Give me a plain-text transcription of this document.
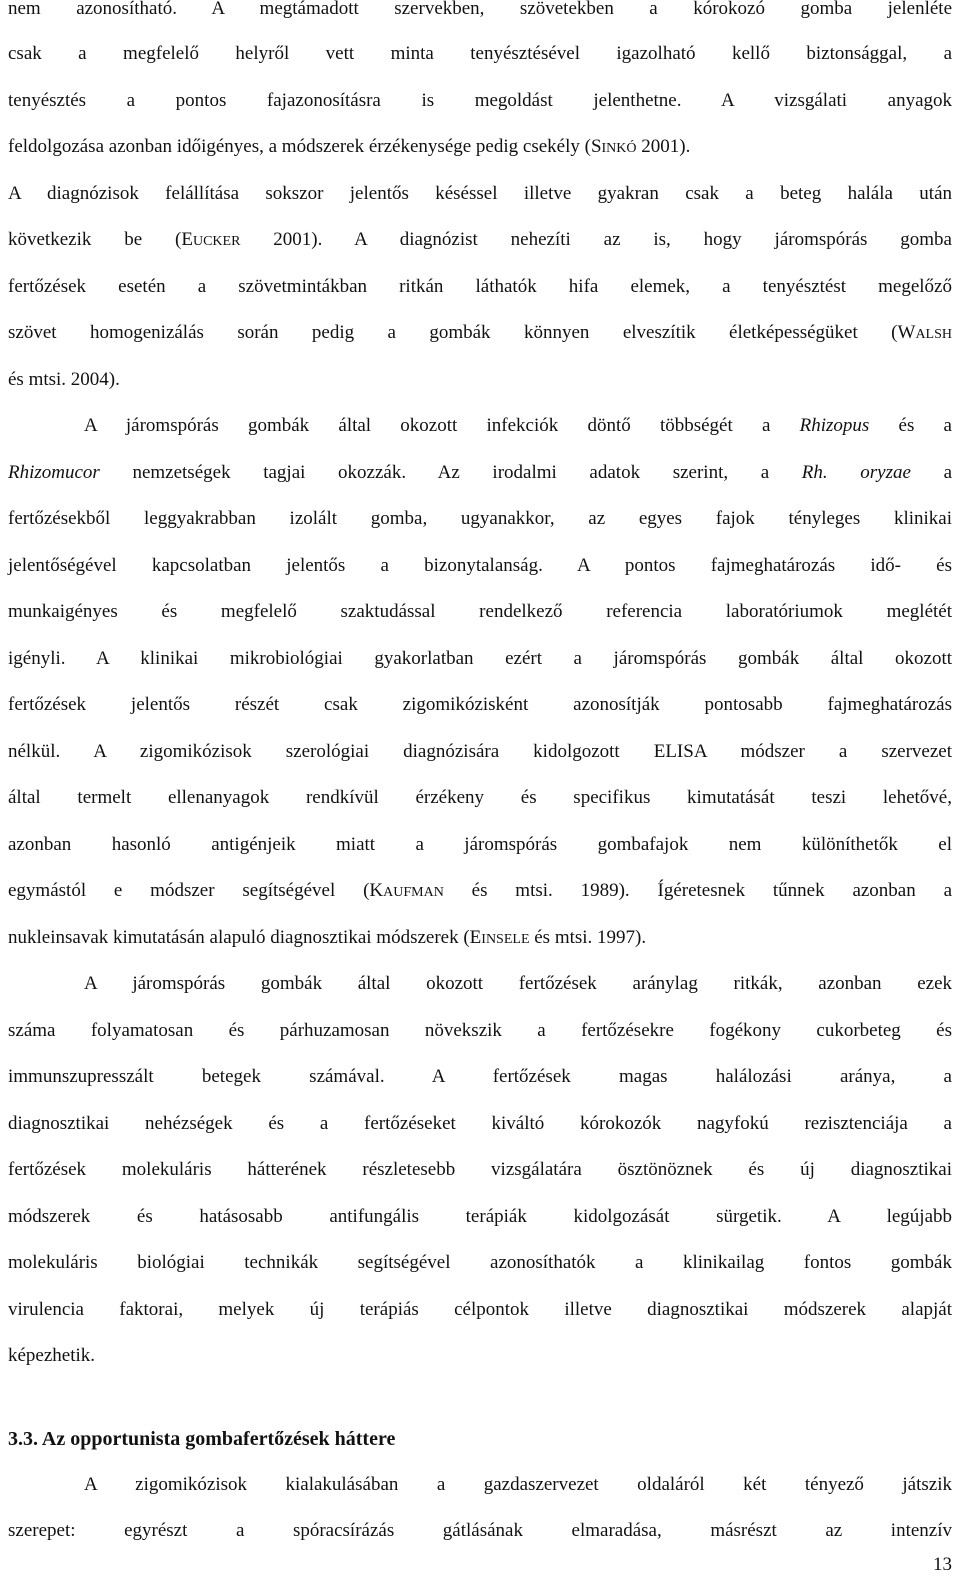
nem azonosítható. A megtámadott szervekben, szövetekben a kórokozó gomba jelenléte
csak a megfelelő helyről vett minta tenyésztésével igazolható kellő biztonsággal, a
tenyésztés a pontos fajazonosításra is megoldást jelenthetne. A vizsgálati anyagok
feldolgozása azonban időigényes, a módszerek érzékenysége pedig csekély (SINKÓ 2001).
A diagnózisok felállítása sokszor jelentős késéssel illetve gyakran csak a beteg halála után
következik be (EUCKER 2001). A diagnózist nehezíti az is, hogy járomspórás gomba
fertőzések esetén a szövetmintákban ritkán láthatók hifa elemek, a tenyésztést megelőző
szövet homogenizálás során pedig a gombák könnyen elveszítik életképességüket (WALSH
és mtsi. 2004).
A járomspórás gombák által okozott infekciók döntő többségét a Rhizopus és a
Rhizomucor nemzetségek tagjai okozzák. Az irodalmi adatok szerint, a Rh. oryzae a
fertőzésekből leggyakrabban izolált gomba, ugyanakkor, az egyes fajok tényleges klinikai
jelentőségével kapcsolatban jelentős a bizonytalanság. A pontos fajmeghatározás idő- és
munkaigényes és megfelelő szaktudással rendelkező referencia laboratóriumok meglétét
igényli. A klinikai mikrobiológiai gyakorlatban ezért a járomspórás gombák által okozott
fertőzések jelentős részét csak zigomikózisként azonosítják pontosabb fajmeghatározás
nélkül. A zigomikózisok szerológiai diagnózisára kidolgozott ELISA módszer a szervezet
által termelt ellenanyagok rendkívül érzékeny és specifikus kimutatását teszi lehetővé,
azonban hasonló antigénjeik miatt a járomspórás gombafajok nem különíthetők el
egymástól e módszer segítségével (KAUFMAN és mtsi. 1989). Ígéretesnek tűnnek azonban a
nukleinsavak kimutatásán alapuló diagnosztikai módszerek (EINSELE és mtsi. 1997).
A járomspórás gombák által okozott fertőzések aránylag ritkák, azonban ezek
száma folyamatosan és párhuzamosan növekszik a fertőzésekre fogékony cukorbeteg és
immunszupresszált betegek számával. A fertőzések magas halálozási aránya, a
diagnosztikai nehézségek és a fertőzéseket kiváltó kórokozók nagyfokú rezisztenciája a
fertőzések molekuláris hátterének részletesebb vizsgálatára ösztönöznek és új diagnosztikai
módszerek és hatásosabb antifungális terápiák kidolgozását sürgetik. A legújabb
molekuláris biológiai technikák segítségével azonosíthatók a klinikailag fontos gombák
virulencia faktorai, melyek új terápiás célpontok illetve diagnosztikai módszerek alapját
képezhetik.
3.3. Az opportunista gombafertőzések háttere
A zigomikózisok kialakulásában a gazdaszervezet oldaláról két tényező játszik
szerepet: egyrészt a spóracsírázás gátlásának elmaradása, másrészt az intenzív
13
